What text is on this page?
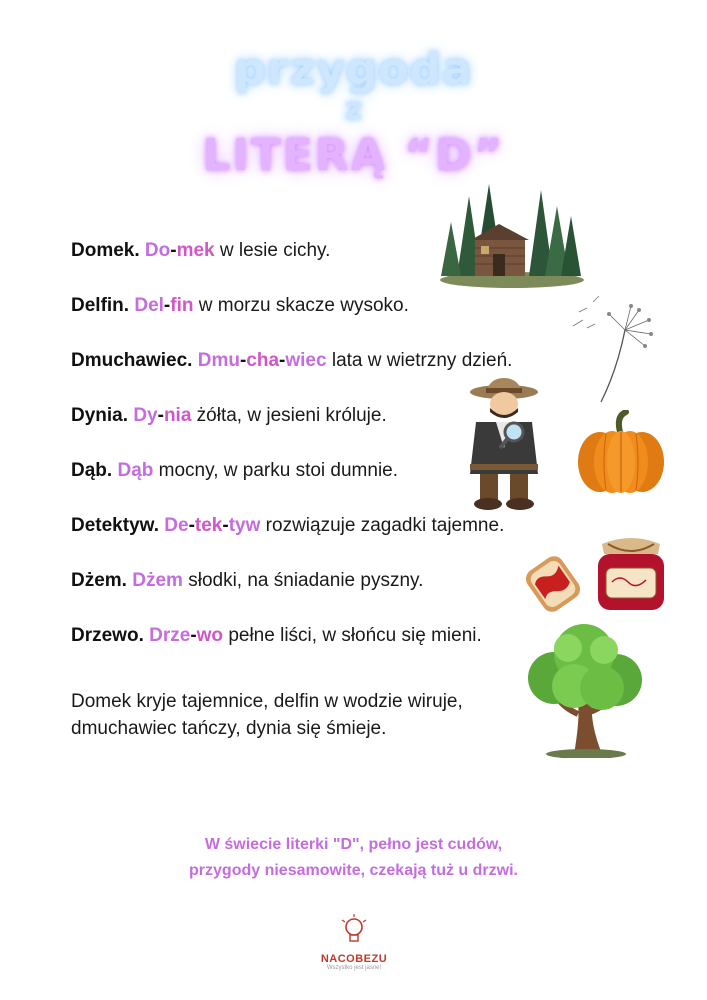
przygoda
z
LITERĄ “D”
Domek. Do-mek w lesie cichy.
Delfin. Del-fin w morzu skacze wysoko.
Dmuchawiec. Dmu-cha-wiec lata w wietrzny dzień.
Dynia. Dy-nia żółta, w jesieni króluje.
Dąb. Dąb mocny, w parku stoi dumnie.
Detektyw. De-tek-tyw rozwiązuje zagadki tajemne.
Dżem. Dżem słodki, na śniadanie pyszny.
Drzewo. Drze-wo pełne liści, w słońcu się mieni.
Domek kryje tajemnice, delfin w wodzie wiruje,
dmuchawiec tańczy, dynia się śmieje.
W świecie literki "D", pełno jest cudów,
przygody niesamowite, czekają tuż u drzwi.
NACOBEZU
Wszystko jest jasne!
